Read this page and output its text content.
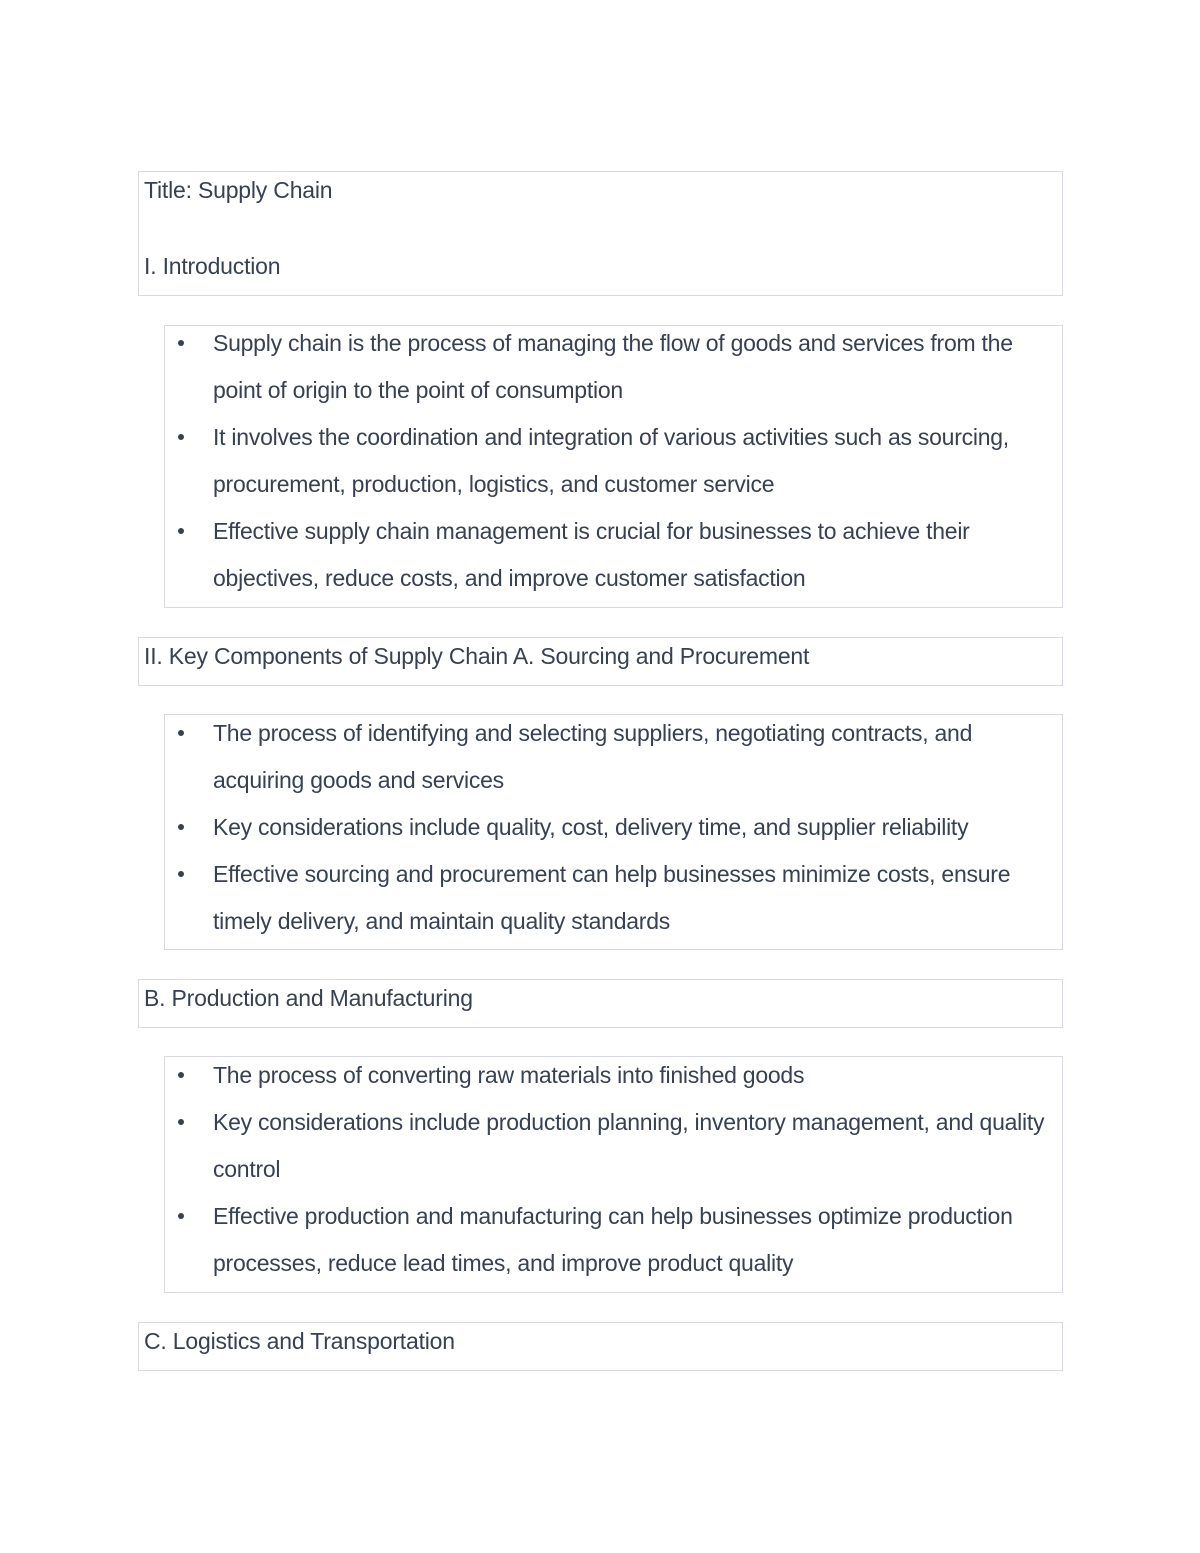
Title: Supply Chain
I. Introduction
Supply chain is the process of managing the flow of goods and services from the point of origin to the point of consumption
It involves the coordination and integration of various activities such as sourcing, procurement, production, logistics, and customer service
Effective supply chain management is crucial for businesses to achieve their objectives, reduce costs, and improve customer satisfaction
II. Key Components of Supply Chain A. Sourcing and Procurement
The process of identifying and selecting suppliers, negotiating contracts, and acquiring goods and services
Key considerations include quality, cost, delivery time, and supplier reliability
Effective sourcing and procurement can help businesses minimize costs, ensure timely delivery, and maintain quality standards
B. Production and Manufacturing
The process of converting raw materials into finished goods
Key considerations include production planning, inventory management, and quality control
Effective production and manufacturing can help businesses optimize production processes, reduce lead times, and improve product quality
C. Logistics and Transportation
